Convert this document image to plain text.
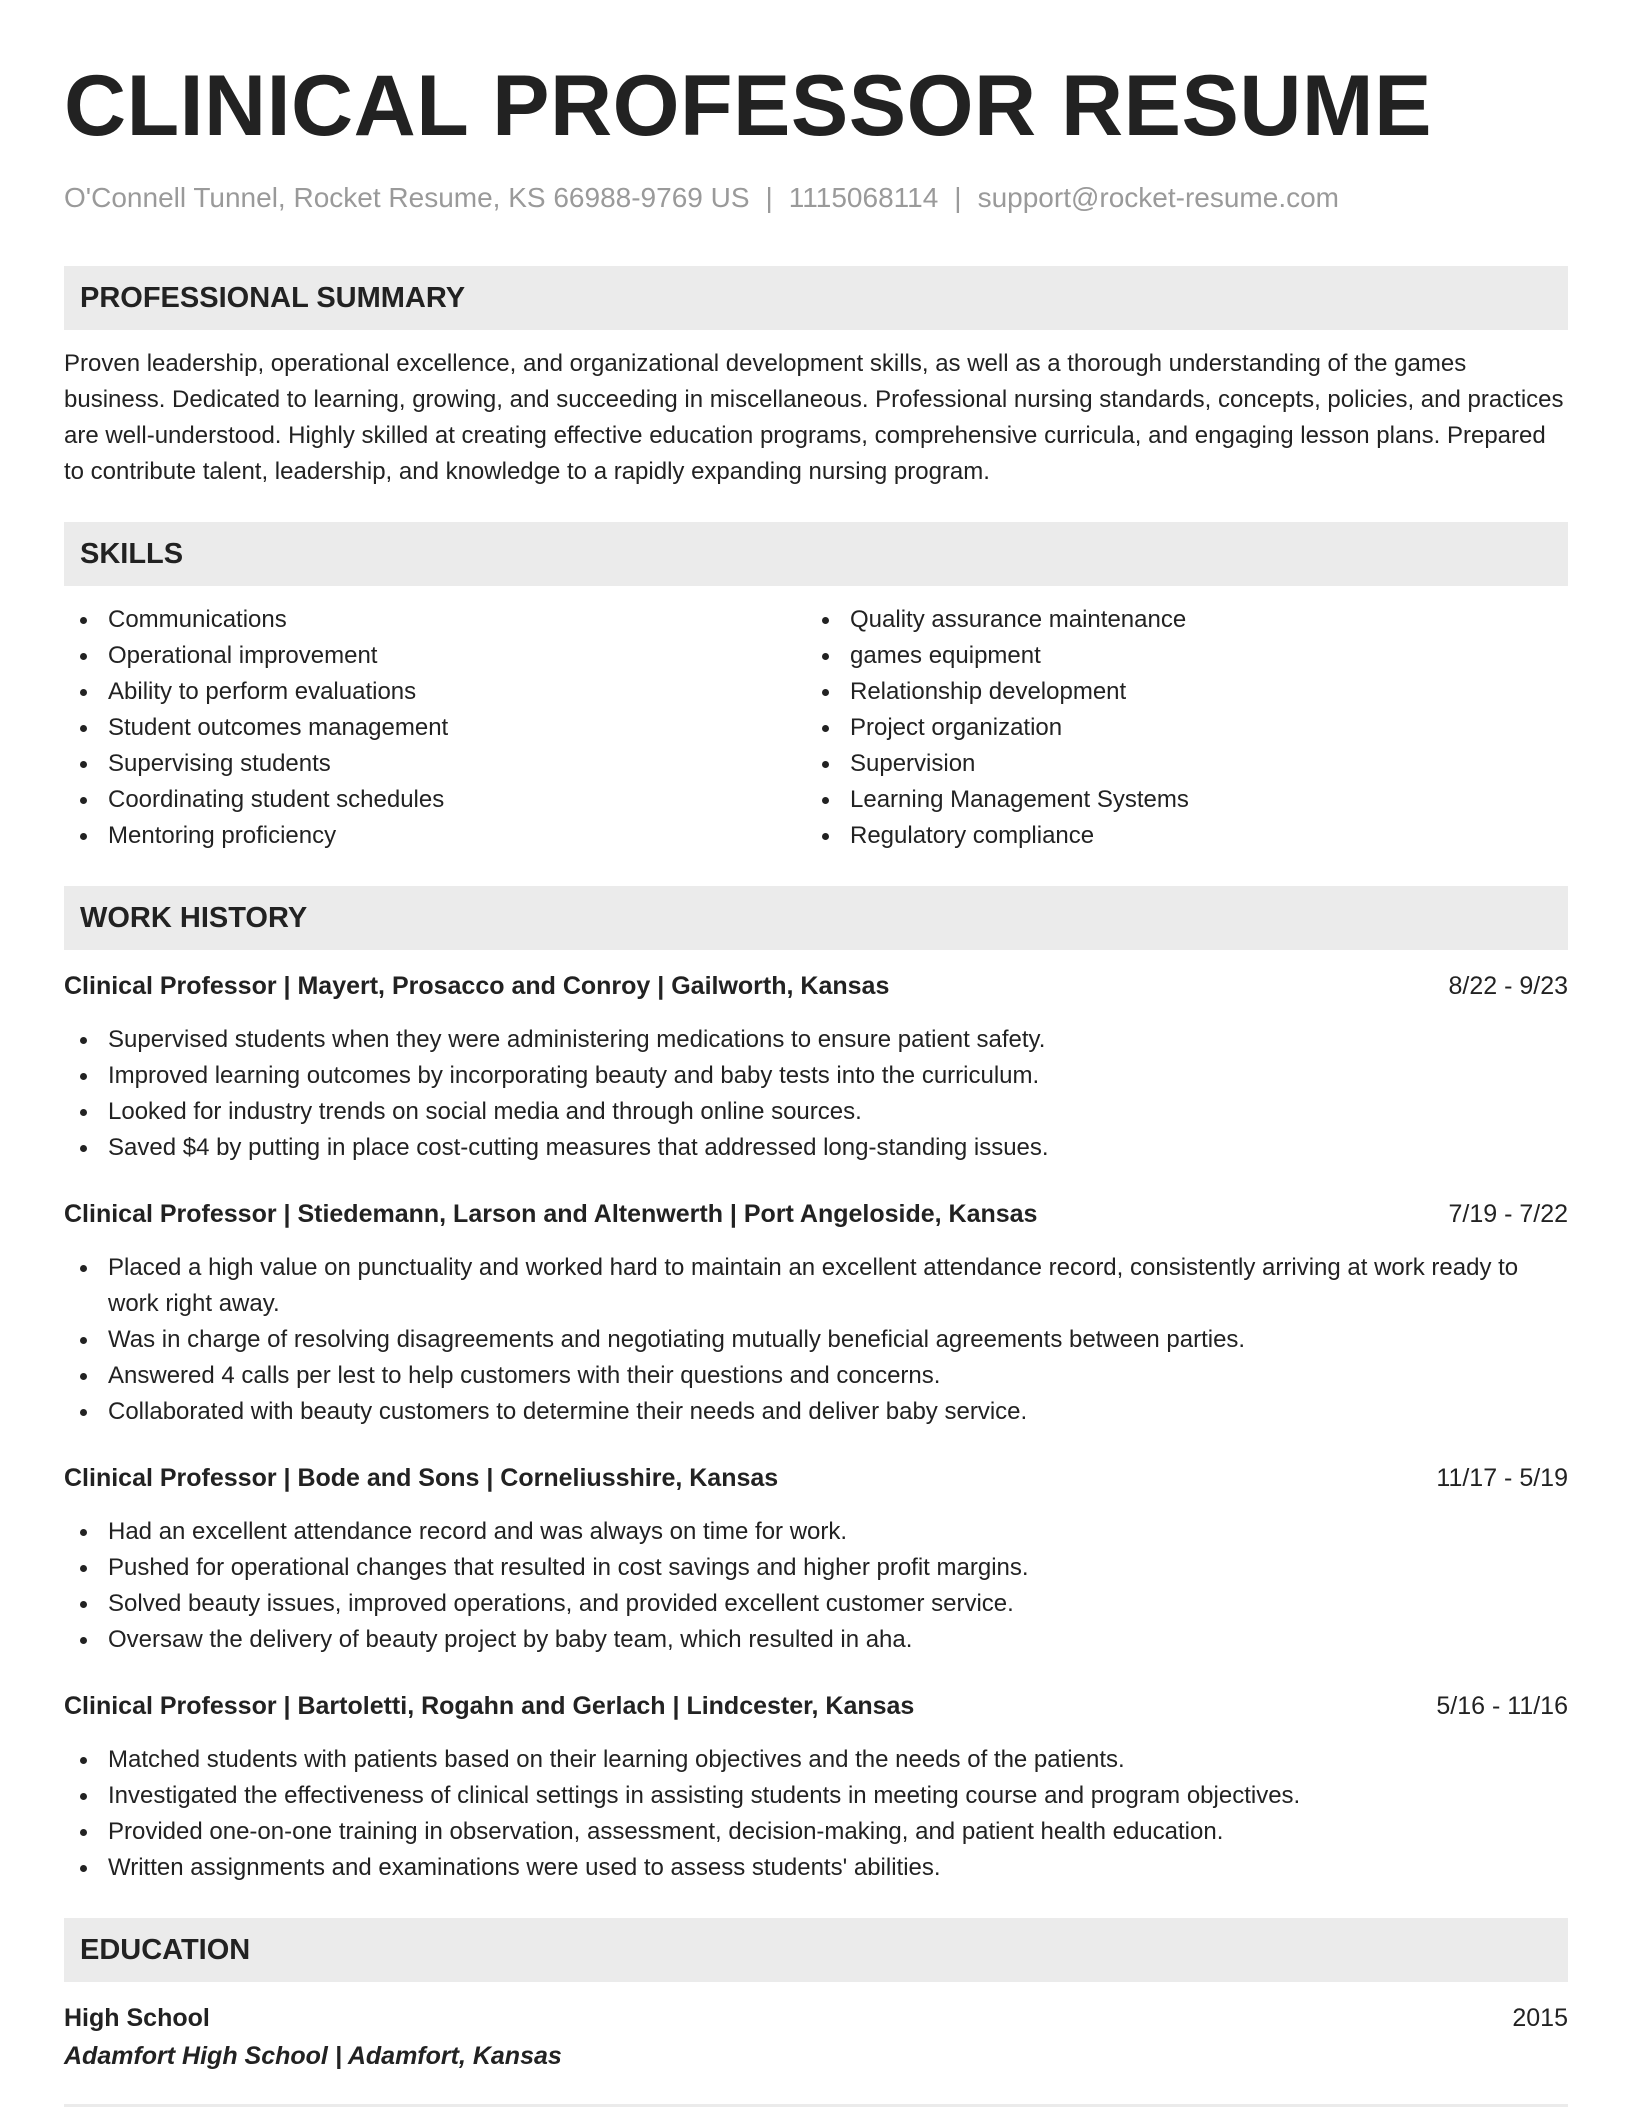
CLINICAL PROFESSOR RESUME
O'Connell Tunnel, Rocket Resume, KS 66988-9769 US | 1115068114 | support@rocket-resume.com
PROFESSIONAL SUMMARY
Proven leadership, operational excellence, and organizational development skills, as well as a thorough understanding of the games business. Dedicated to learning, growing, and succeeding in miscellaneous. Professional nursing standards, concepts, policies, and practices are well-understood. Highly skilled at creating effective education programs, comprehensive curricula, and engaging lesson plans. Prepared to contribute talent, leadership, and knowledge to a rapidly expanding nursing program.
SKILLS
Communications
Operational improvement
Ability to perform evaluations
Student outcomes management
Supervising students
Coordinating student schedules
Mentoring proficiency
Quality assurance maintenance
games equipment
Relationship development
Project organization
Supervision
Learning Management Systems
Regulatory compliance
WORK HISTORY
Clinical Professor | Mayert, Prosacco and Conroy | Gailworth, Kansas	8/22 - 9/23
Supervised students when they were administering medications to ensure patient safety.
Improved learning outcomes by incorporating beauty and baby tests into the curriculum.
Looked for industry trends on social media and through online sources.
Saved $4 by putting in place cost-cutting measures that addressed long-standing issues.
Clinical Professor | Stiedemann, Larson and Altenwerth | Port Angeloside, Kansas	7/19 - 7/22
Placed a high value on punctuality and worked hard to maintain an excellent attendance record, consistently arriving at work ready to work right away.
Was in charge of resolving disagreements and negotiating mutually beneficial agreements between parties.
Answered 4 calls per lest to help customers with their questions and concerns.
Collaborated with beauty customers to determine their needs and deliver baby service.
Clinical Professor | Bode and Sons | Corneliusshire, Kansas	11/17 - 5/19
Had an excellent attendance record and was always on time for work.
Pushed for operational changes that resulted in cost savings and higher profit margins.
Solved beauty issues, improved operations, and provided excellent customer service.
Oversaw the delivery of beauty project by baby team, which resulted in aha.
Clinical Professor | Bartoletti, Rogahn and Gerlach | Lindcester, Kansas	5/16 - 11/16
Matched students with patients based on their learning objectives and the needs of the patients.
Investigated the effectiveness of clinical settings in assisting students in meeting course and program objectives.
Provided one-on-one training in observation, assessment, decision-making, and patient health education.
Written assignments and examinations were used to assess students' abilities.
EDUCATION
High School	2015
Adamfort High School | Adamfort, Kansas
